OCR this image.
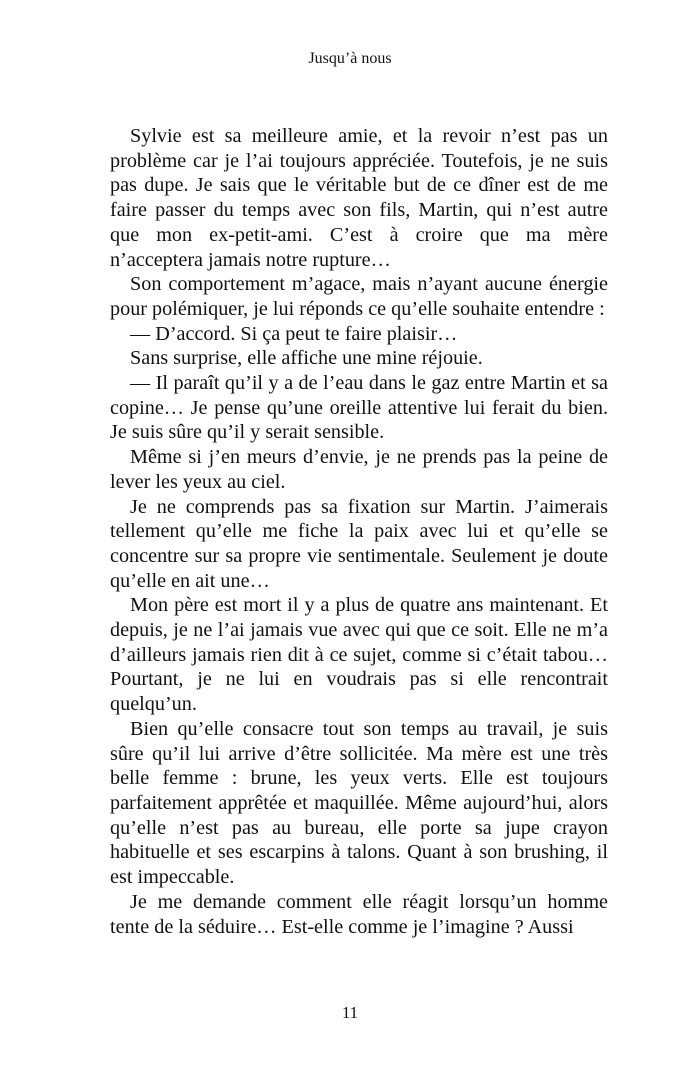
Jusqu’à nous

Sylvie est sa meilleure amie, et la revoir n’est pas un problème car je l’ai toujours appréciée. Toutefois, je ne suis pas dupe. Je sais que le véritable but de ce dîner est de me faire passer du temps avec son fils, Martin, qui n’est autre que mon ex-petit-ami. C’est à croire que ma mère n’acceptera jamais notre rupture…

Son comportement m’agace, mais n’ayant aucune énergie pour polémiquer, je lui réponds ce qu’elle souhaite entendre :

— D’accord. Si ça peut te faire plaisir…

Sans surprise, elle affiche une mine réjouie.

— Il paraît qu’il y a de l’eau dans le gaz entre Martin et sa copine… Je pense qu’une oreille attentive lui ferait du bien. Je suis sûre qu’il y serait sensible.

Même si j’en meurs d’envie, je ne prends pas la peine de lever les yeux au ciel.

Je ne comprends pas sa fixation sur Martin. J’aimerais tellement qu’elle me fiche la paix avec lui et qu’elle se concentre sur sa propre vie sentimentale. Seulement je doute qu’elle en ait une…

Mon père est mort il y a plus de quatre ans maintenant. Et depuis, je ne l’ai jamais vue avec qui que ce soit. Elle ne m’a d’ailleurs jamais rien dit à ce sujet, comme si c’était tabou… Pourtant, je ne lui en voudrais pas si elle rencontrait quelqu’un.

Bien qu’elle consacre tout son temps au travail, je suis sûre qu’il lui arrive d’être sollicitée. Ma mère est une très belle femme : brune, les yeux verts. Elle est toujours parfaitement apprêtée et maquillée. Même aujourd’hui, alors qu’elle n’est pas au bureau, elle porte sa jupe crayon habituelle et ses escarpins à talons. Quant à son brushing, il est impeccable.

Je me demande comment elle réagit lorsqu’un homme tente de la séduire… Est-elle comme je l’imagine ? Aussi

11
